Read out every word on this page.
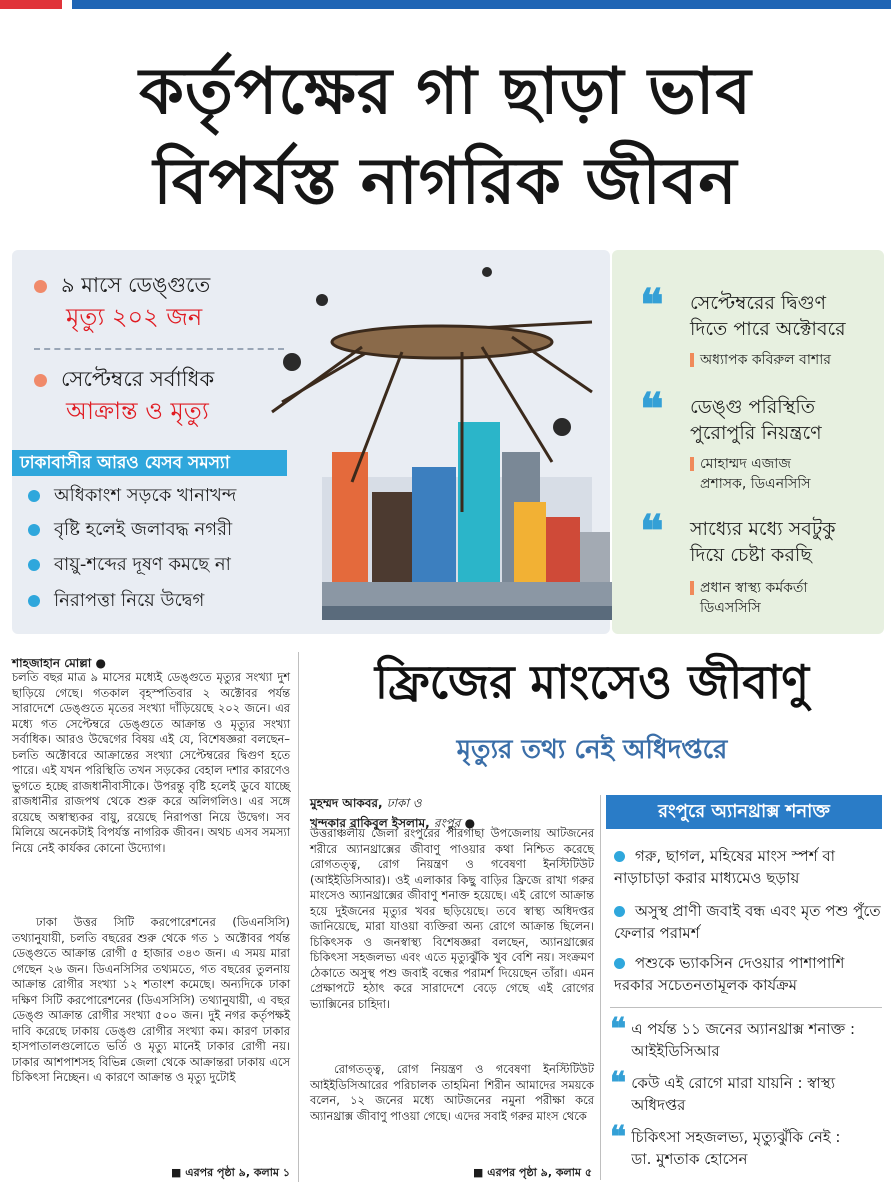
কর্তৃপক্ষের গা ছাড়া ভাব
বিপর্যস্ত নাগরিক জীবন
৯ মাসে ডেঙ্গুতে
মৃত্যু ২০২ জন
সেপ্টেম্বরে সর্বাধিক
আক্রান্ত ও মৃত্যু
ঢাকাবাসীর আরও যেসব সমস্যা
অধিকাংশ সড়কে খানাখন্দ
বৃষ্টি হলেই জলাবদ্ধ নগরী
বায়ু-শব্দের দূষণ কমছে না
নিরাপত্তা নিয়ে উদ্বেগ
❝ সেপ্টেম্বরের দ্বিগুণ
দিতে পারে অক্টোবরে
অধ্যাপক কবিরুল বাশার
❝ ডেঙ্গু পরিস্থিতি
পুরোপুরি নিয়ন্ত্রণে
মোহাম্মদ এজাজ
প্রশাসক, ডিএনসিসি
❝ সাধ্যের মধ্যে সবটুকু
দিয়ে চেষ্টা করছি
প্রধান স্বাস্থ্য কর্মকর্তা
ডিএসসিসি
শাহজাহান মোল্লা ●
চলতি বছর মাত্র ৯ মাসের মধ্যেই ডেঙ্গুতে মৃত্যুর সংখ্যা দুশ ছাড়িয়ে গেছে। গতকাল বৃহস্পতিবার ২ অক্টোবর পর্যন্ত সারাদেশে ডেঙ্গুতে মৃতের সংখ্যা দাঁড়িয়েছে ২০২ জনে। এর মধ্যে গত সেপ্টেম্বরে ডেঙ্গুতে আক্রান্ত ও মৃত্যুর সংখ্যা সর্বাধিক। আরও উদ্বেগের বিষয় এই যে, বিশেষজ্ঞরা বলছেন– চলতি অক্টোবরে আক্রান্তের সংখ্যা সেপ্টেম্বরের দ্বিগুণ হতে পারে। এই যখন পরিস্থিতি তখন সড়কের বেহাল দশার কারণেও ভুগতে হচ্ছে রাজধানীবাসীকে। উপরন্তু বৃষ্টি হলেই ডুবে যাচ্ছে রাজধানীর রাজপথ থেকে শুরু করে অলিগলিও। এর সঙ্গে রয়েছে অস্বাস্থ্যকর বায়ু, রয়েছে নিরাপত্তা নিয়ে উদ্বেগ। সব মিলিয়ে অনেকটাই বিপর্যস্ত নাগরিক জীবন। অথচ এসব সমস্যা নিয়ে নেই কার্যকর কোনো উদ্যোগ।
ঢাকা উত্তর সিটি করপোরেশনের (ডিএনসিসি) তথ্যানুযায়ী, চলতি বছরের শুরু থেকে গত ১ অক্টোবর পর্যন্ত ডেঙ্গুতে আক্রান্ত রোগী ৫ হাজার ৩৪৩ জন। এ সময় মারা গেছেন ২৬ জন। ডিএনসিসির তথ্যমতে, গত বছরের তুলনায় আক্রান্ত রোগীর সংখ্যা ১২ শতাংশ কমেছে। অন্যদিকে ঢাকা দক্ষিণ সিটি করপোরেশনের (ডিএসসিসি) তথ্যানুযায়ী, এ বছর ডেঙ্গু আক্রান্ত রোগীর সংখ্যা ৫০০ জন। দুই নগর কর্তৃপক্ষই দাবি করেছে ঢাকায় ডেঙ্গু রোগীর সংখ্যা কম। কারণ ঢাকার হাসপাতালগুলোতে ভর্তি ও মৃত্যু মানেই ঢাকার রোগী নয়। ঢাকার আশপাশসহ বিভিন্ন জেলা থেকে আক্রান্তরা ঢাকায় এসে চিকিৎসা নিচ্ছেন। এ কারণে আক্রান্ত ও মৃত্যু দুটোই
■ এরপর পৃষ্ঠা ৯, কলাম ১
ফ্রিজের মাংসেও জীবাণু
মৃত্যুর তথ্য নেই অধিদপ্তরে
মুহম্মদ আকবর, ঢাকা ও
খন্দকার রাকিবুল ইসলাম, রংপুর ●
উত্তরাঞ্চলীয় জেলা রংপুরের পীরগাছা উপজেলায় আটজনের শরীরে অ্যানথ্রাক্সের জীবাণু পাওয়ার কথা নিশ্চিত করেছে রোগতত্ত্ব, রোগ নিয়ন্ত্রণ ও গবেষণা ইনস্টিটিউট (আইইডিসিআর)। ওই এলাকার কিছু বাড়ির ফ্রিজে রাখা গরুর মাংসেও অ্যানথ্রাক্সের জীবাণু শনাক্ত হয়েছে। এই রোগে আক্রান্ত হয়ে দুইজনের মৃত্যুর খবর ছড়িয়েছে। তবে স্বাস্থ্য অধিদপ্তর জানিয়েছে, মারা যাওয়া ব্যক্তিরা অন্য রোগে আক্রান্ত ছিলেন। চিকিৎসক ও জনস্বাস্থ্য বিশেষজ্ঞরা বলছেন, অ্যানথ্রাক্সের চিকিৎসা সহজলভ্য এবং এতে মৃত্যুঝুঁকি খুব বেশি নয়। সংক্রমণ ঠেকাতে অসুস্থ পশু জবাই বন্ধের পরামর্শ দিয়েছেন তাঁরা। এমন প্রেক্ষাপটে হঠাৎ করে সারাদেশে বেড়ে গেছে এই রোগের ভ্যাক্সিনের চাহিদা।
রোগতত্ত্ব, রোগ নিয়ন্ত্রণ ও গবেষণা ইনস্টিটিউট আইইডিসিআরের পরিচালক তাহমিনা শিরীন আমাদের সময়কে বলেন, ১২ জনের মধ্যে আটজনের নমুনা পরীক্ষা করে অ্যানথ্রাক্স জীবাণু পাওয়া গেছে। এদের সবাই গরুর মাংস থেকে
■ এরপর পৃষ্ঠা ৯, কলাম ৫
রংপুরে অ্যানথ্রাক্স শনাক্ত
গরু, ছাগল, মহিষের মাংস স্পর্শ বা নাড়াচাড়া করার মাধ্যমেও ছড়ায়
অসুস্থ প্রাণী জবাই বন্ধ এবং মৃত পশু পুঁতে ফেলার পরামর্শ
পশুকে ভ্যাকসিন দেওয়ার পাশাপাশি দরকার সচেতনতামূলক কার্যক্রম
❝ এ পর্যন্ত ১১ জনের অ্যানথ্রাক্স শনাক্ত : আইইডিসিআর
❝ কেউ এই রোগে মারা যায়নি : স্বাস্থ্য অধিদপ্তর
❝ চিকিৎসা সহজলভ্য, মৃত্যুঝুঁকি নেই : ডা. মুশতাক হোসেন
